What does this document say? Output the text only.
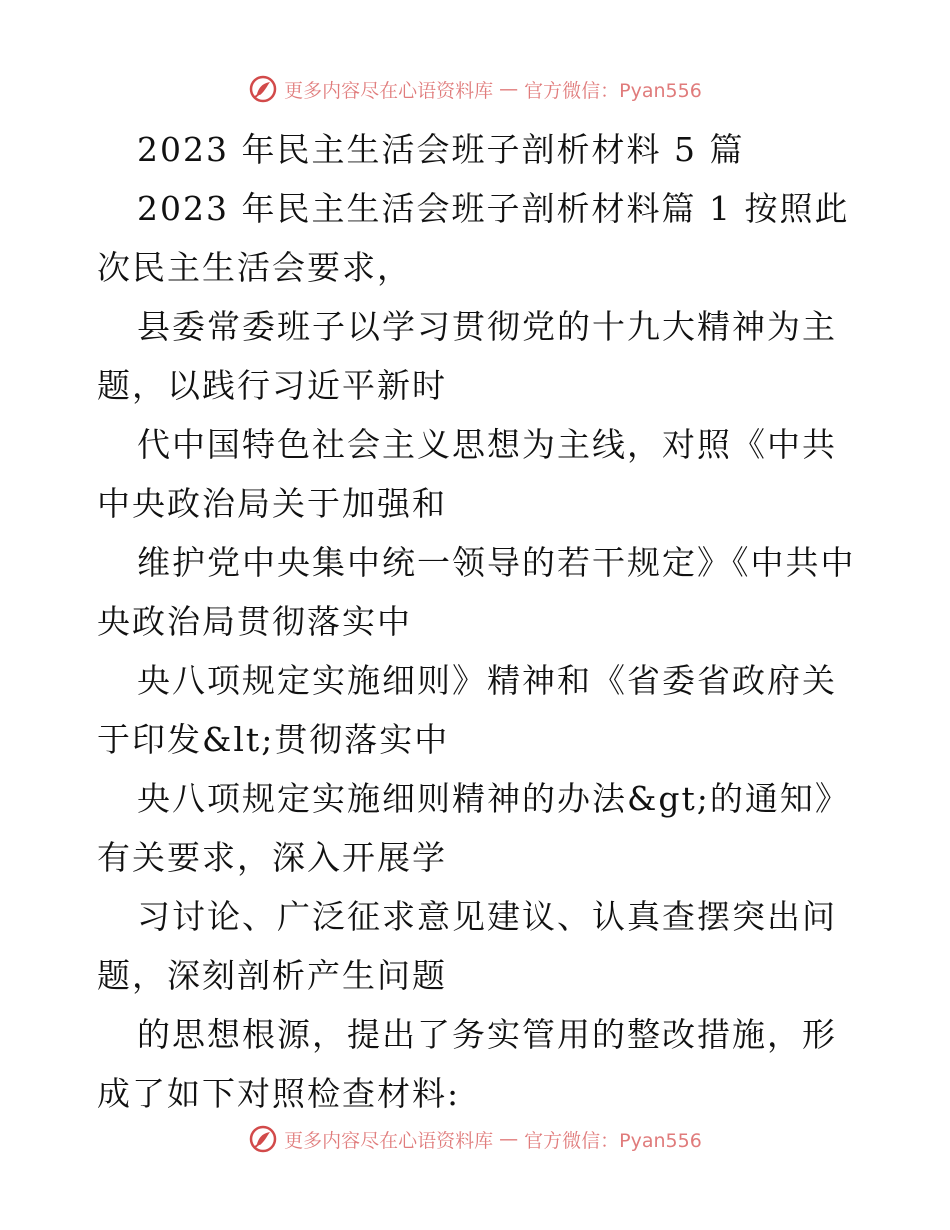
更多内容尽在心语资料库 — 官方微信：Pyan556

2023 年民主生活会班子剖析材料 5 篇

2023 年民主生活会班子剖析材料篇 1 按照此次民主生活会要求，

县委常委班子以学习贯彻党的十九大精神为主题，以践行习近平新时

代中国特色社会主义思想为主线，对照《中共中央政治局关于加强和

维护党中央集中统一领导的若干规定》《中共中央政治局贯彻落实中

央八项规定实施细则》精神和《省委省政府关于印发&lt;贯彻落实中

央八项规定实施细则精神的办法&gt;的通知》有关要求，深入开展学

习讨论、广泛征求意见建议、认真查摆突出问题，深刻剖析产生问题

的思想根源，提出了务实管用的整改措施，形成了如下对照检查材料:

更多内容尽在心语资料库 — 官方微信：Pyan556
